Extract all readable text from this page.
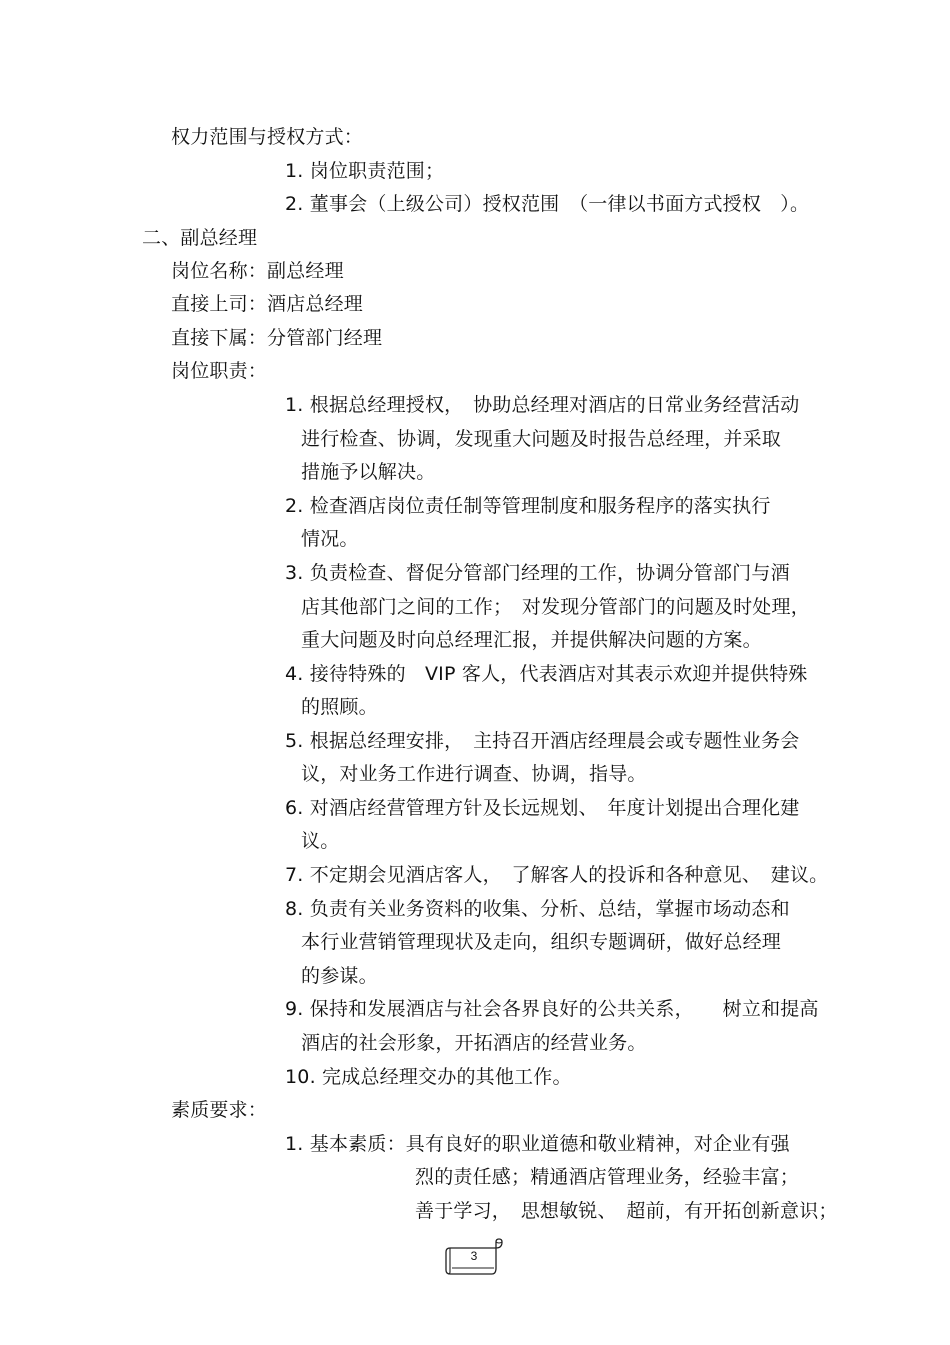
权力范围与授权方式：
1. 岗位职责范围；
2. 董事会（上级公司）授权范围　（一律以书面方式授权　）。
二、副总经理
岗位名称：副总经理
直接上司：酒店总经理
直接下属：分管部门经理
岗位职责：
1. 根据总经理授权，　协助总经理对酒店的日常业务经营活动
进行检查、协调，发现重大问题及时报告总经理，并采取
措施予以解决。
2. 检查酒店岗位责任制等管理制度和服务程序的落实执行
情况。
3. 负责检查、督促分管部门经理的工作，协调分管部门与酒
店其他部门之间的工作；　对发现分管部门的问题及时处理，
重大问题及时向总经理汇报，并提供解决问题的方案。
4. 接待特殊的　VIP 客人，代表酒店对其表示欢迎并提供特殊
的照顾。
5. 根据总经理安排，　主持召开酒店经理晨会或专题性业务会
议，对业务工作进行调查、协调，指导。
6. 对酒店经营管理方针及长远规划、　年度计划提出合理化建
议。
7. 不定期会见酒店客人，　了解客人的投诉和各种意见、　建议。
8. 负责有关业务资料的收集、分析、总结，掌握市场动态和
本行业营销管理现状及走向，组织专题调研，做好总经理
的参谋。
9. 保持和发展酒店与社会各界良好的公共关系，　　树立和提高
酒店的社会形象，开拓酒店的经营业务。
10. 完成总经理交办的其他工作。
素质要求：
1. 基本素质：具有良好的职业道德和敬业精神，对企业有强
烈的责任感；精通酒店管理业务，经验丰富；
善于学习，　思想敏锐、　超前，有开拓创新意识；
3
